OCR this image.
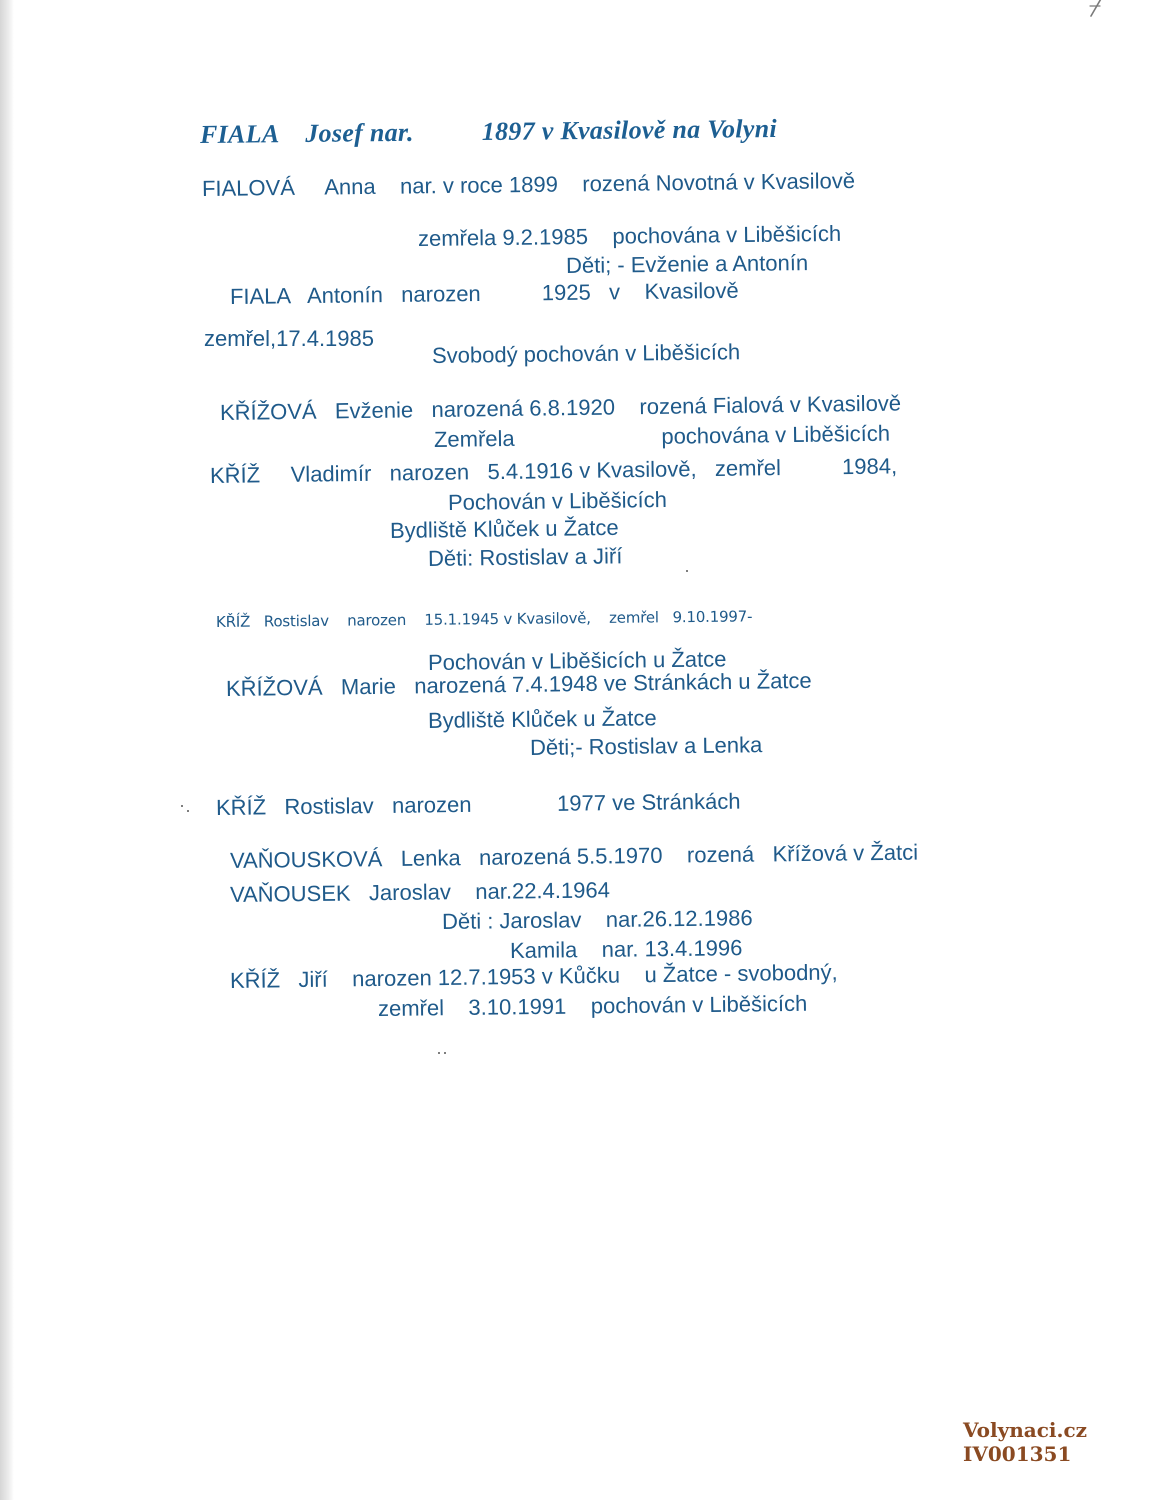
FIALA    Josef nar.          1897 v Kvasilově na Volyni
FIALOVÁ     Anna    nar. v roce 1899    rozená Novotná v Kvasilově
zemřela 9.2.1985    pochována v Liběšicích
Děti; - Evženie a Antonín
FIALA   Antonín   narozen          1925   v    Kvasilově
zemřel,17.4.1985
Svobodý pochován v Liběšicích
KŘÍŽOVÁ   Evženie   narozená 6.8.1920    rozená Fialová v Kvasilově
Zemřela                        pochována v Liběšicích
KŘÍŽ     Vladimír   narozen   5.4.1916 v Kvasilově,   zemřel          1984,
Pochován v Liběšicích
Bydliště Klůček u Žatce
Děti: Rostislav a Jiří
KŘÍŽ   Rostislav    narozen    15.1.1945 v Kvasilově,    zemřel   9.10.1997-
Pochován v Liběšicích u Žatce
KŘÍŽOVÁ   Marie   narozená 7.4.1948 ve Stránkách u Žatce
Bydliště Klůček u Žatce
Děti;- Rostislav a Lenka
KŘÍŽ   Rostislav   narozen              1977 ve Stránkách
VAŇOUSKOVÁ   Lenka   narozená 5.5.1970    rozená   Křížová v Žatci
VAŇOUSEK   Jaroslav    nar.22.4.1964
Děti : Jaroslav    nar.26.12.1986
Kamila    nar. 13.4.1996
KŘÍŽ   Jiří    narozen 12.7.1953 v Kůčku    u Žatce - svobodný,
zemřel    3.10.1991    pochován v Liběšicích
Volynaci.cz
IV001351
